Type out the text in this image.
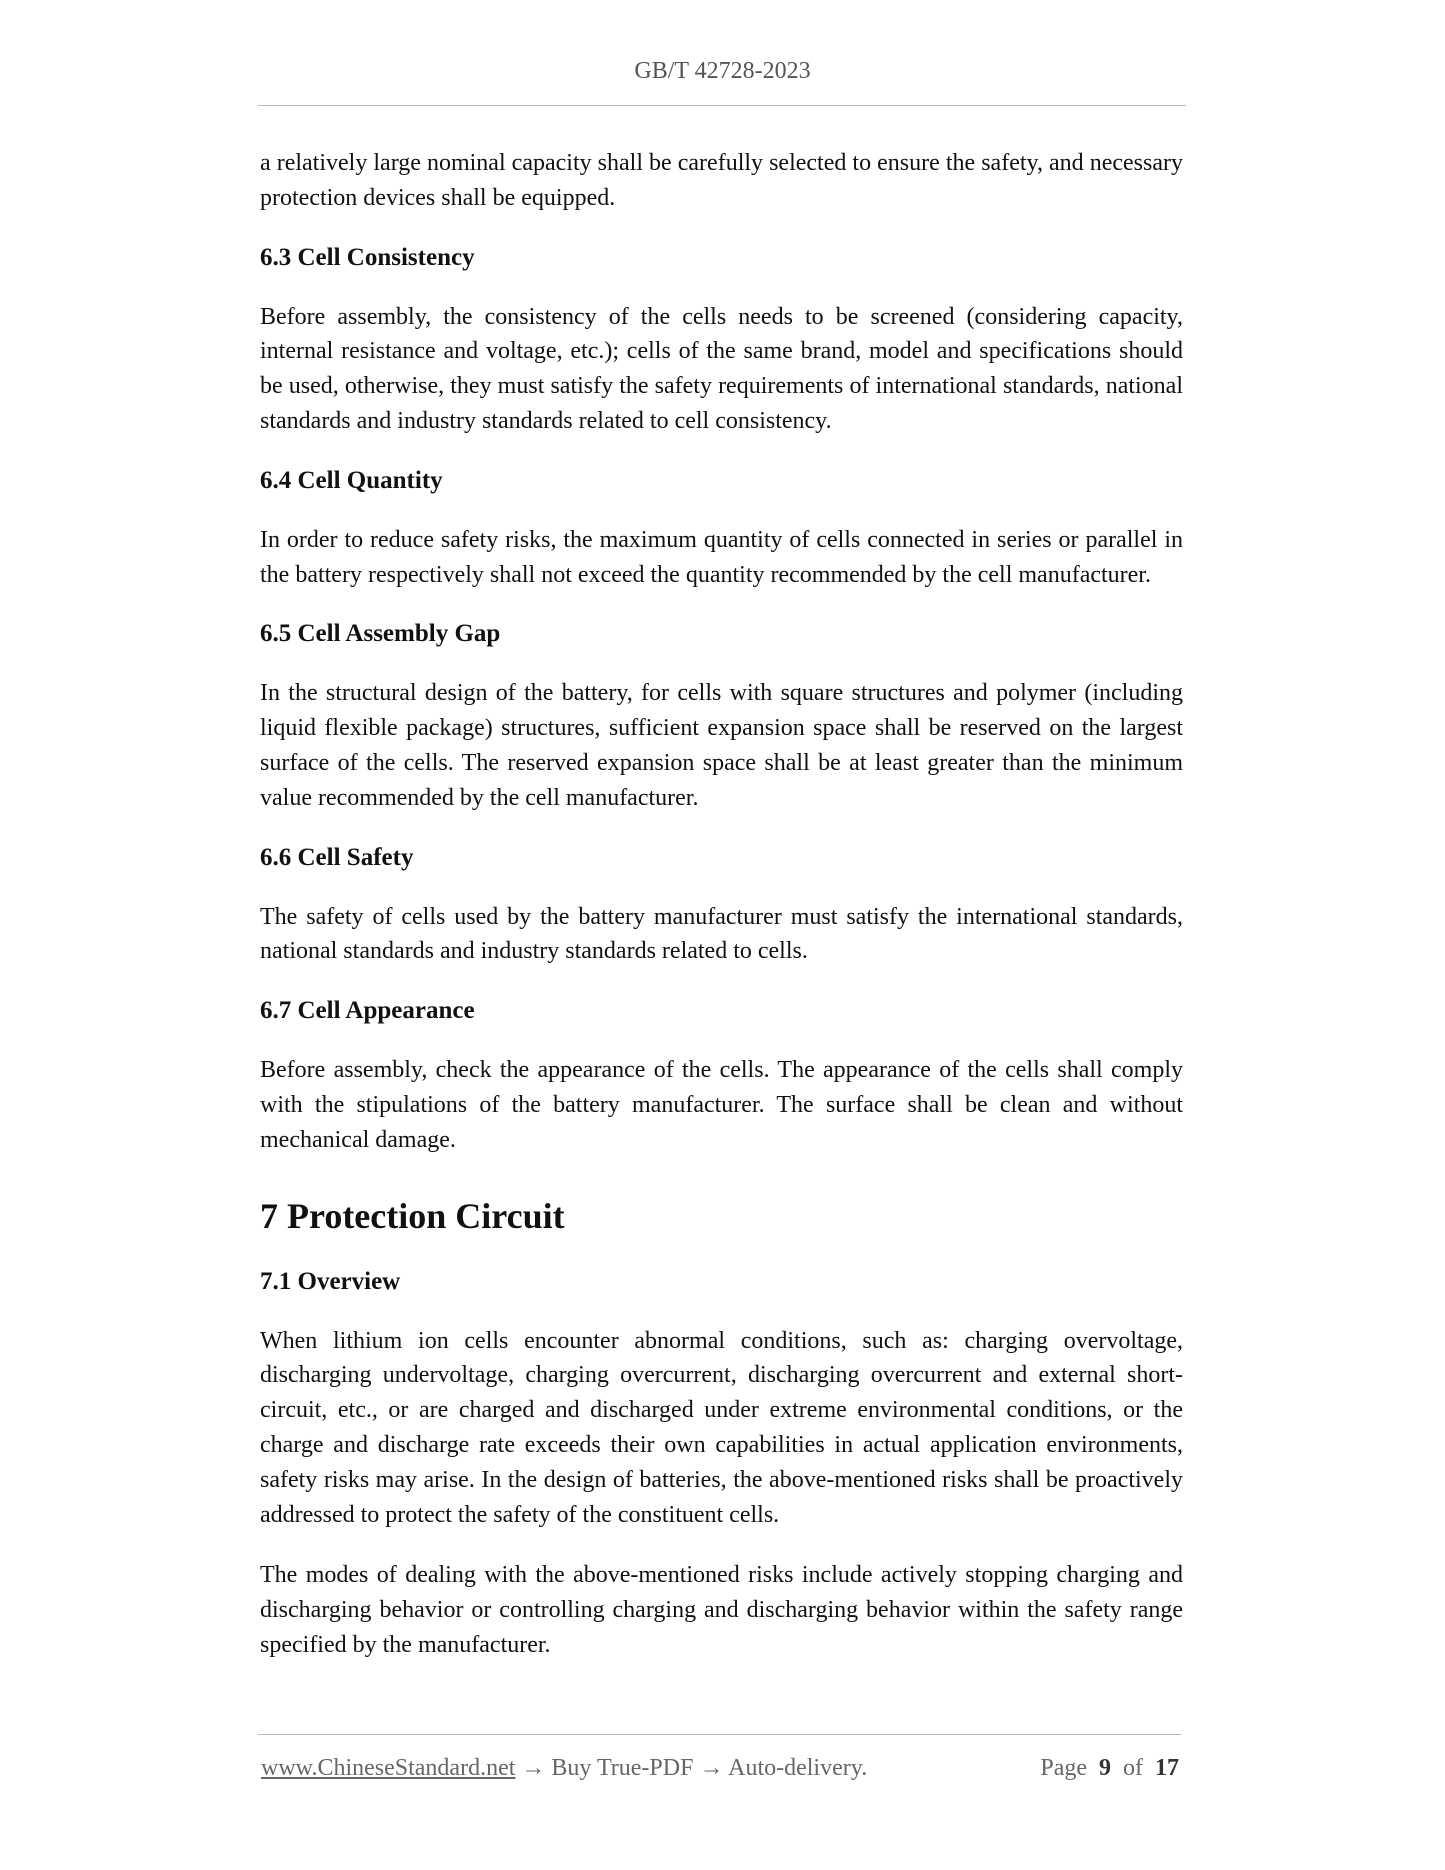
GB/T 42728-2023

a relatively large nominal capacity shall be carefully selected to ensure the safety, and necessary protection devices shall be equipped.

6.3 Cell Consistency

Before assembly, the consistency of the cells needs to be screened (considering capacity, internal resistance and voltage, etc.); cells of the same brand, model and specifications should be used, otherwise, they must satisfy the safety requirements of international standards, national standards and industry standards related to cell consistency.

6.4 Cell Quantity

In order to reduce safety risks, the maximum quantity of cells connected in series or parallel in the battery respectively shall not exceed the quantity recommended by the cell manufacturer.

6.5 Cell Assembly Gap

In the structural design of the battery, for cells with square structures and polymer (including liquid flexible package) structures, sufficient expansion space shall be reserved on the largest surface of the cells. The reserved expansion space shall be at least greater than the minimum value recommended by the cell manufacturer.

6.6 Cell Safety

The safety of cells used by the battery manufacturer must satisfy the international standards, national standards and industry standards related to cells.

6.7 Cell Appearance

Before assembly, check the appearance of the cells. The appearance of the cells shall comply with the stipulations of the battery manufacturer. The surface shall be clean and without mechanical damage.

7 Protection Circuit
7.1 Overview

When lithium ion cells encounter abnormal conditions, such as: charging overvoltage, discharging undervoltage, charging overcurrent, discharging overcurrent and external short-circuit, etc., or are charged and discharged under extreme environmental conditions, or the charge and discharge rate exceeds their own capabilities in actual application environments, safety risks may arise. In the design of batteries, the above-mentioned risks shall be proactively addressed to protect the safety of the constituent cells.

The modes of dealing with the above-mentioned risks include actively stopping charging and discharging behavior or controlling charging and discharging behavior within the safety range specified by the manufacturer.

www.ChineseStandard.net → Buy True-PDF → Auto-delivery.	Page 9 of 17
